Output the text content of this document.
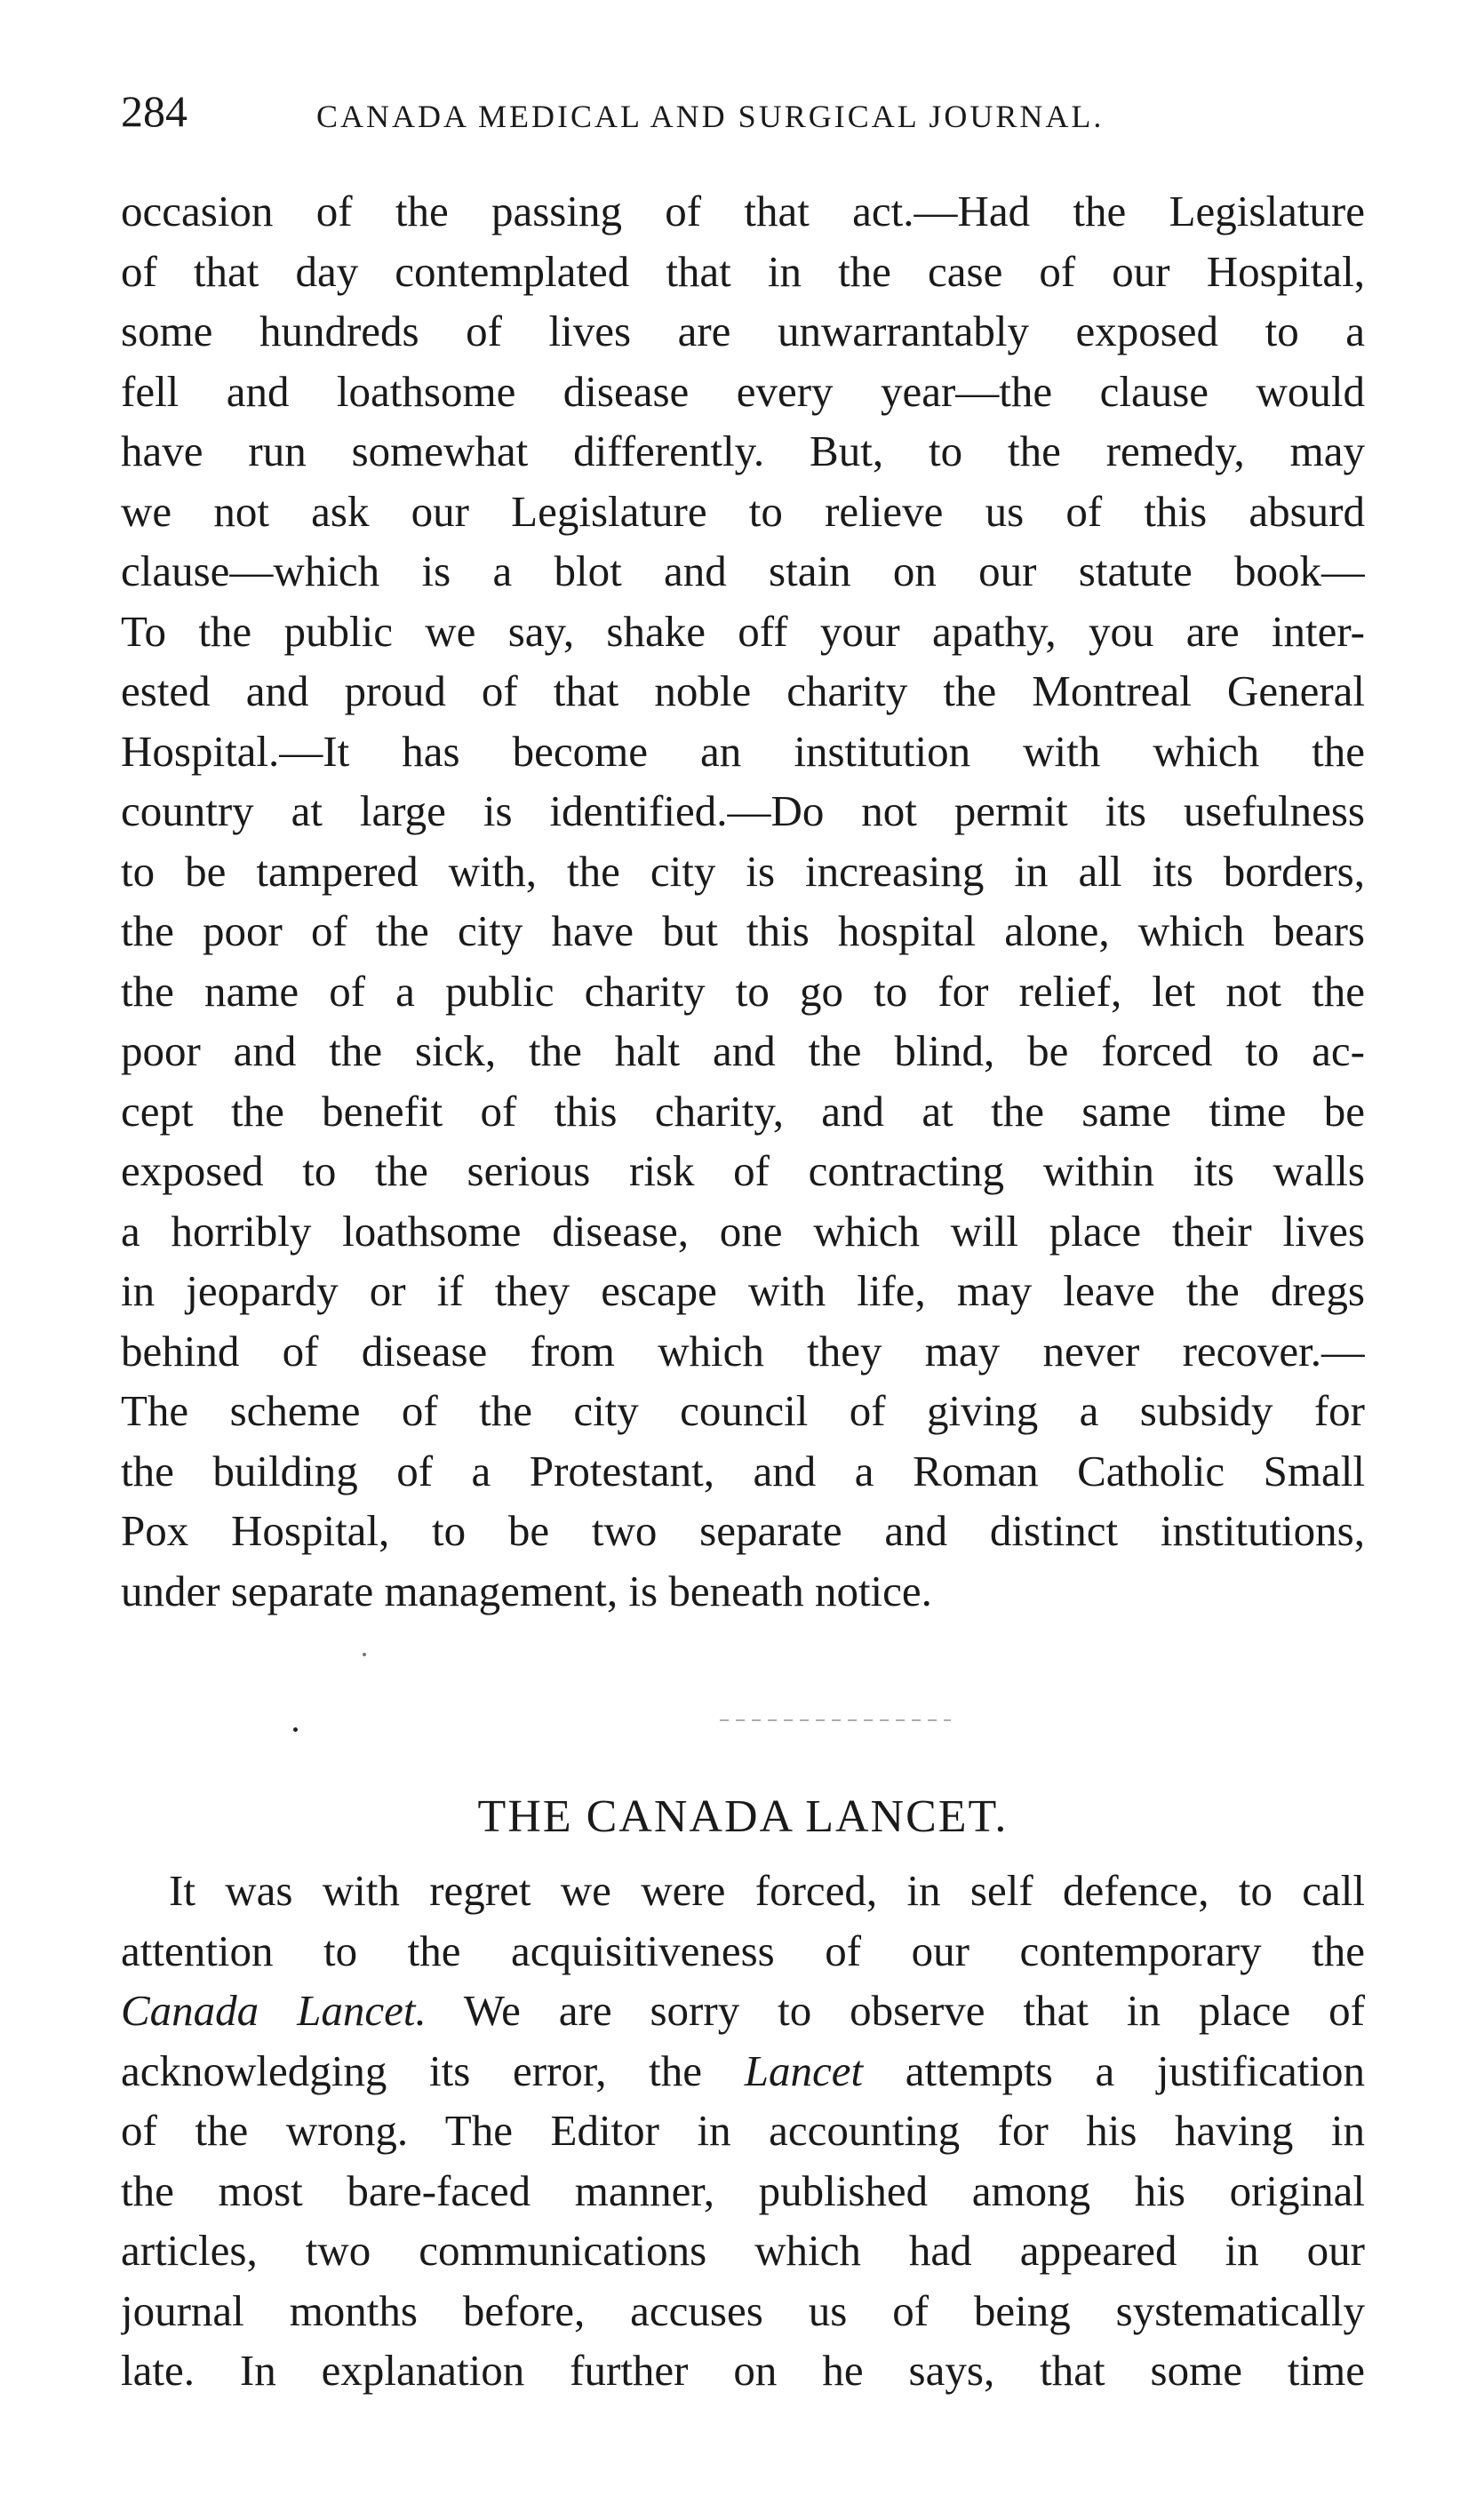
284	CANADA MEDICAL AND SURGICAL JOURNAL.
occasion of the passing of that act.—Had the Legislature
of that day contemplated that in the case of our Hospital,
some hundreds of lives are unwarrantably exposed to a
fell and loathsome disease every year—the clause would
have run somewhat differently. But, to the remedy, may
we not ask our Legislature to relieve us of this absurd
clause—which is a blot and stain on our statute book—
To the public we say, shake off your apathy, you are inter-
ested and proud of that noble charity the Montreal General
Hospital.—It has become an institution with which the
country at large is identified.—Do not permit its usefulness
to be tampered with, the city is increasing in all its borders,
the poor of the city have but this hospital alone, which bears
the name of a public charity to go to for relief, let not the
poor and the sick, the halt and the blind, be forced to ac-
cept the benefit of this charity, and at the same time be
exposed to the serious risk of contracting within its walls
a horribly loathsome disease, one which will place their lives
in jeopardy or if they escape with life, may leave the dregs
behind of disease from which they may never recover.—
The scheme of the city council of giving a subsidy for
the building of a Protestant, and a Roman Catholic Small
Pox Hospital, to be two separate and distinct institutions,
under separate management, is beneath notice.
THE CANADA LANCET.
It was with regret we were forced, in self defence, to call
attention to the acquisitiveness of our contemporary the
Canada Lancet. We are sorry to observe that in place of
acknowledging its error, the Lancet attempts a justification
of the wrong. The Editor in accounting for his having in
the most bare-faced manner, published among his original
articles, two communications which had appeared in our
journal months before, accuses us of being systematically
late. In explanation further on he says, that some time
